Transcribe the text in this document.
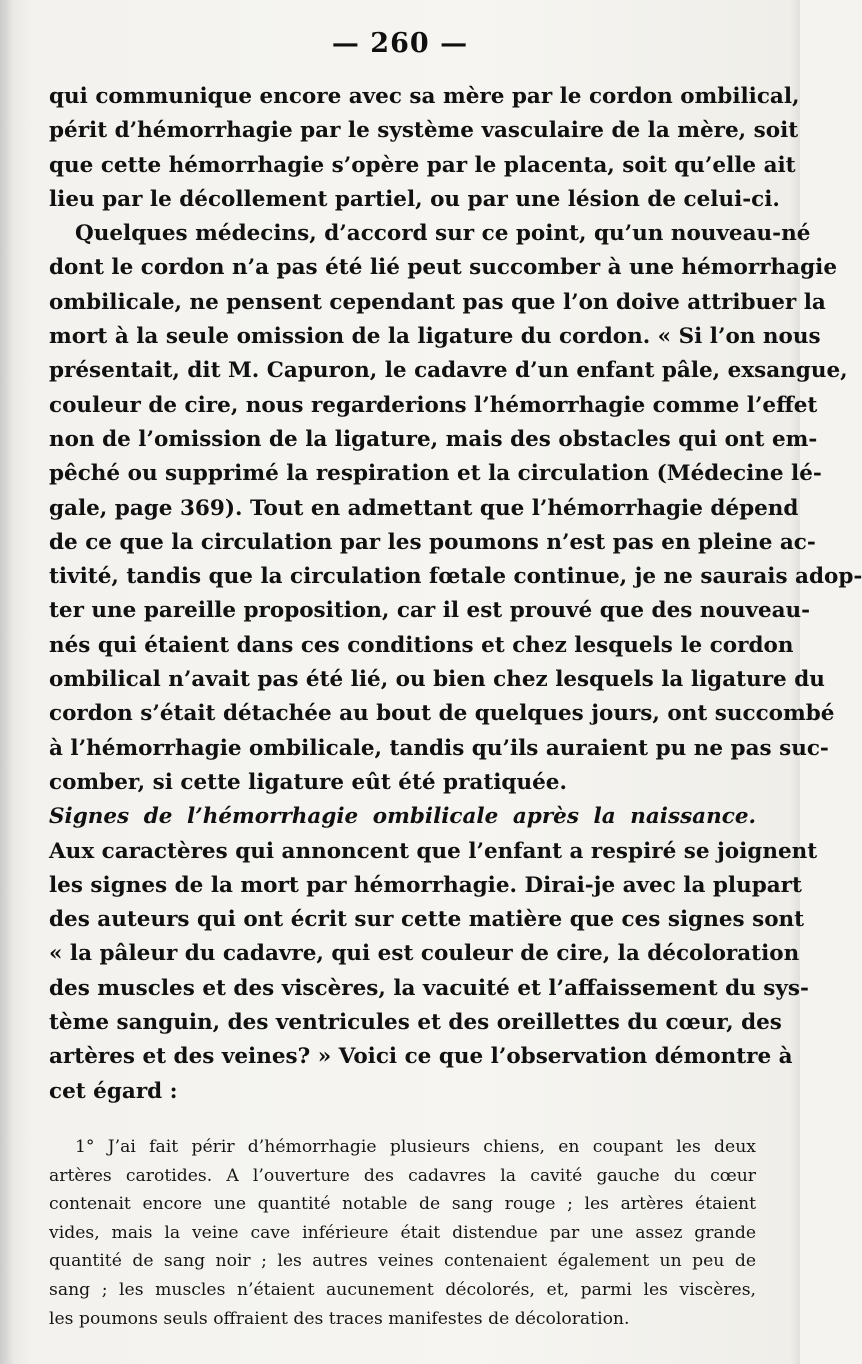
— 260 —
qui communique encore avec sa mère par le cordon ombilical,
périt d’hémorrhagie par le système vasculaire de la mère, soit
que cette hémorrhagie s’opère par le placenta, soit qu’elle ait
lieu par le décollement partiel, ou par une lésion de celui-ci.
Quelques médecins, d’accord sur ce point, qu’un nouveau-né
dont le cordon n’a pas été lié peut succomber à une hémorrhagie
ombilicale, ne pensent cependant pas que l’on doive attribuer la
mort à la seule omission de la ligature du cordon. « Si l’on nous
présentait, dit M. Capuron, le cadavre d’un enfant pâle, exsangue,
couleur de cire, nous regarderions l’hémorrhagie comme l’effet
non de l’omission de la ligature, mais des obstacles qui ont em-
pêché ou supprimé la respiration et la circulation (Médecine lé-
gale, page 369). Tout en admettant que l’hémorrhagie dépend
de ce que la circulation par les poumons n’est pas en pleine ac-
tivité, tandis que la circulation fœtale continue, je ne saurais adop-
ter une pareille proposition, car il est prouvé que des nouveau-
nés qui étaient dans ces conditions et chez lesquels le cordon
ombilical n’avait pas été lié, ou bien chez lesquels la ligature du
cordon s’était détachée au bout de quelques jours, ont succombé
à l’hémorrhagie ombilicale, tandis qu’ils auraient pu ne pas suc-
comber, si cette ligature eût été pratiquée.
Signes de l’hémorrhagie ombilicale après la naissance.
Aux caractères qui annoncent que l’enfant a respiré se joignent
les signes de la mort par hémorrhagie. Dirai-je avec la plupart
des auteurs qui ont écrit sur cette matière que ces signes sont
« la pâleur du cadavre, qui est couleur de cire, la décoloration
des muscles et des viscères, la vacuité et l’affaissement du sys-
tème sanguin, des ventricules et des oreillettes du cœur, des
artères et des veines? » Voici ce que l’observation démontre à
cet égard :
1° J’ai fait périr d’hémorrhagie plusieurs chiens, en coupant les deux
artères carotides. A l’ouverture des cadavres la cavité gauche du cœur
contenait encore une quantité notable de sang rouge ; les artères étaient
vides, mais la veine cave inférieure était distendue par une assez grande
quantité de sang noir ; les autres veines contenaient également un peu de
sang ; les muscles n’étaient aucunement décolorés, et, parmi les viscères,
les poumons seuls offraient des traces manifestes de décoloration.
